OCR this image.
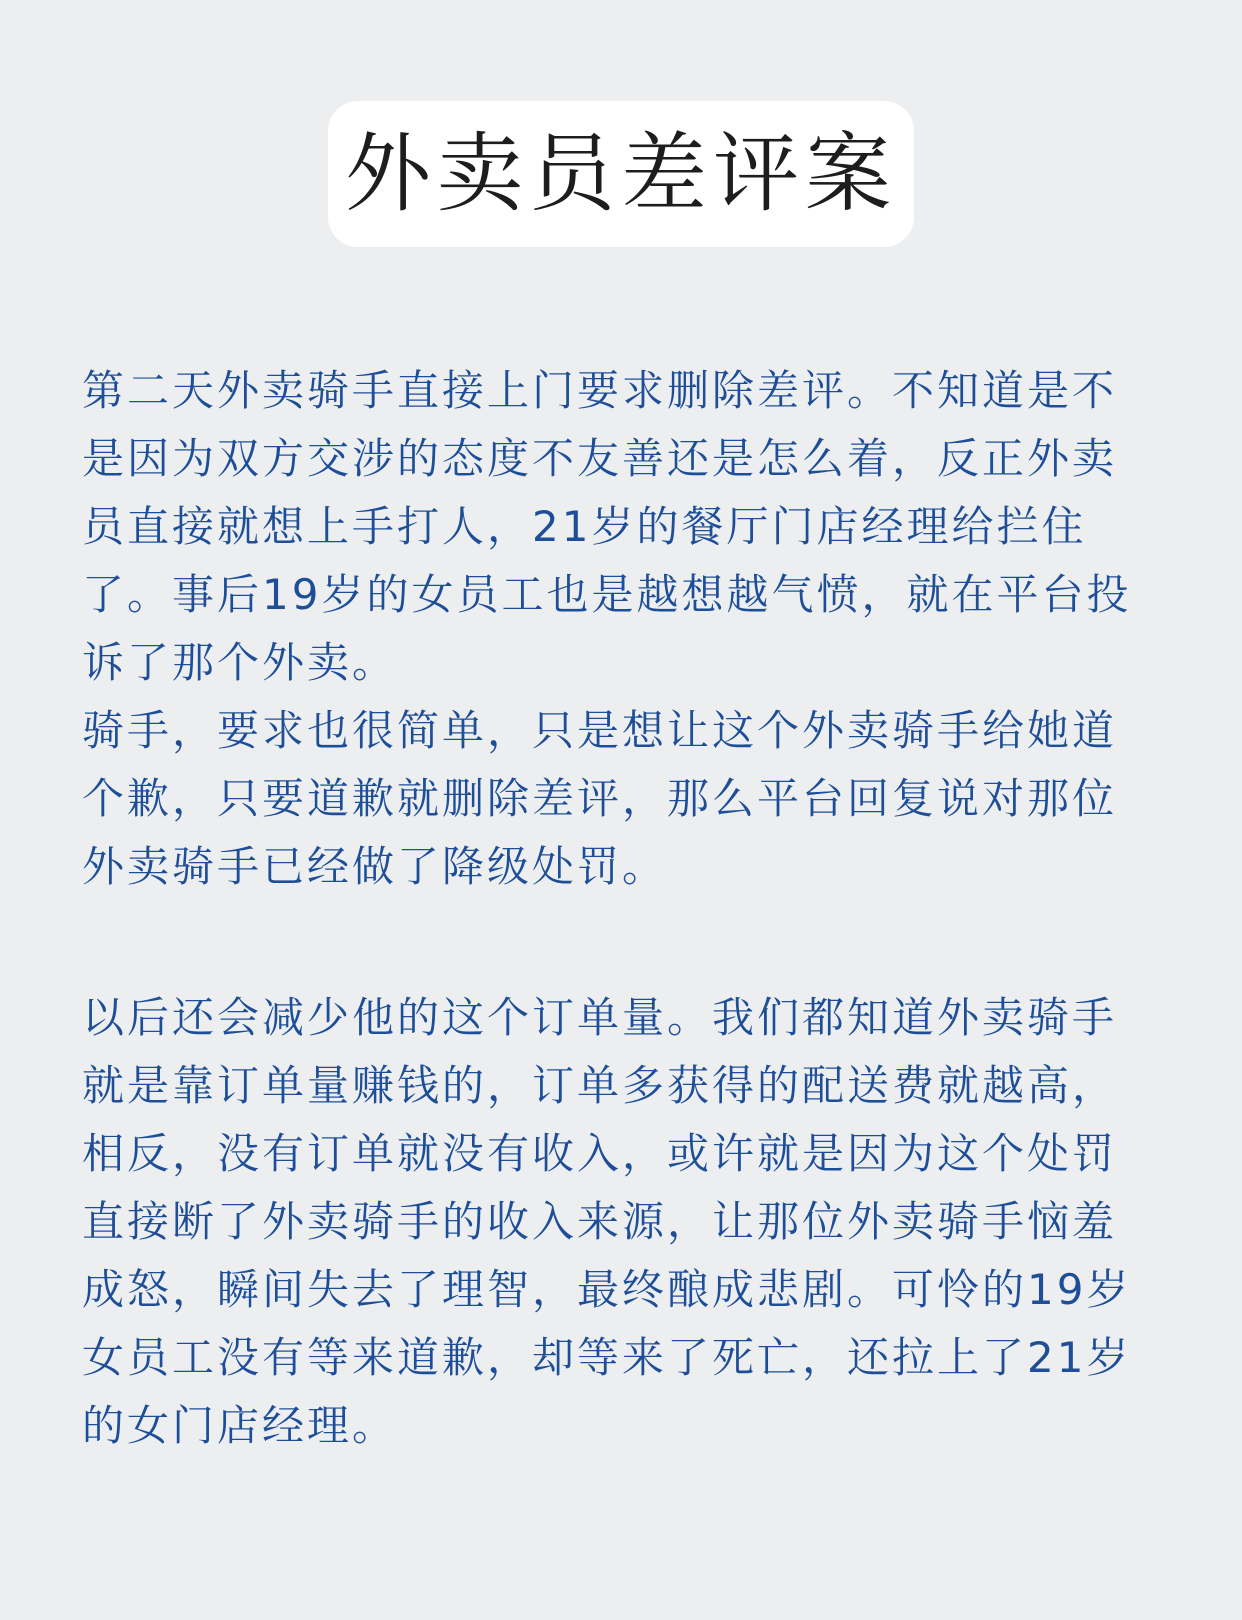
外卖员差评案

第二天外卖骑手直接上门要求删除差评。不知道是不是因为双方交涉的态度不友善还是怎么着，反正外卖员直接就想上手打人，21岁的餐厅门店经理给拦住了。事后19岁的女员工也是越想越气愤，就在平台投诉了那个外卖。

骑手，要求也很简单，只是想让这个外卖骑手给她道个歉，只要道歉就删除差评，那么平台回复说对那位外卖骑手已经做了降级处罚。

以后还会减少他的这个订单量。我们都知道外卖骑手就是靠订单量赚钱的，订单多获得的配送费就越高，相反，没有订单就没有收入，或许就是因为这个处罚直接断了外卖骑手的收入来源，让那位外卖骑手恼羞成怒，瞬间失去了理智，最终酿成悲剧。可怜的19岁女员工没有等来道歉，却等来了死亡，还拉上了21岁的女门店经理。
